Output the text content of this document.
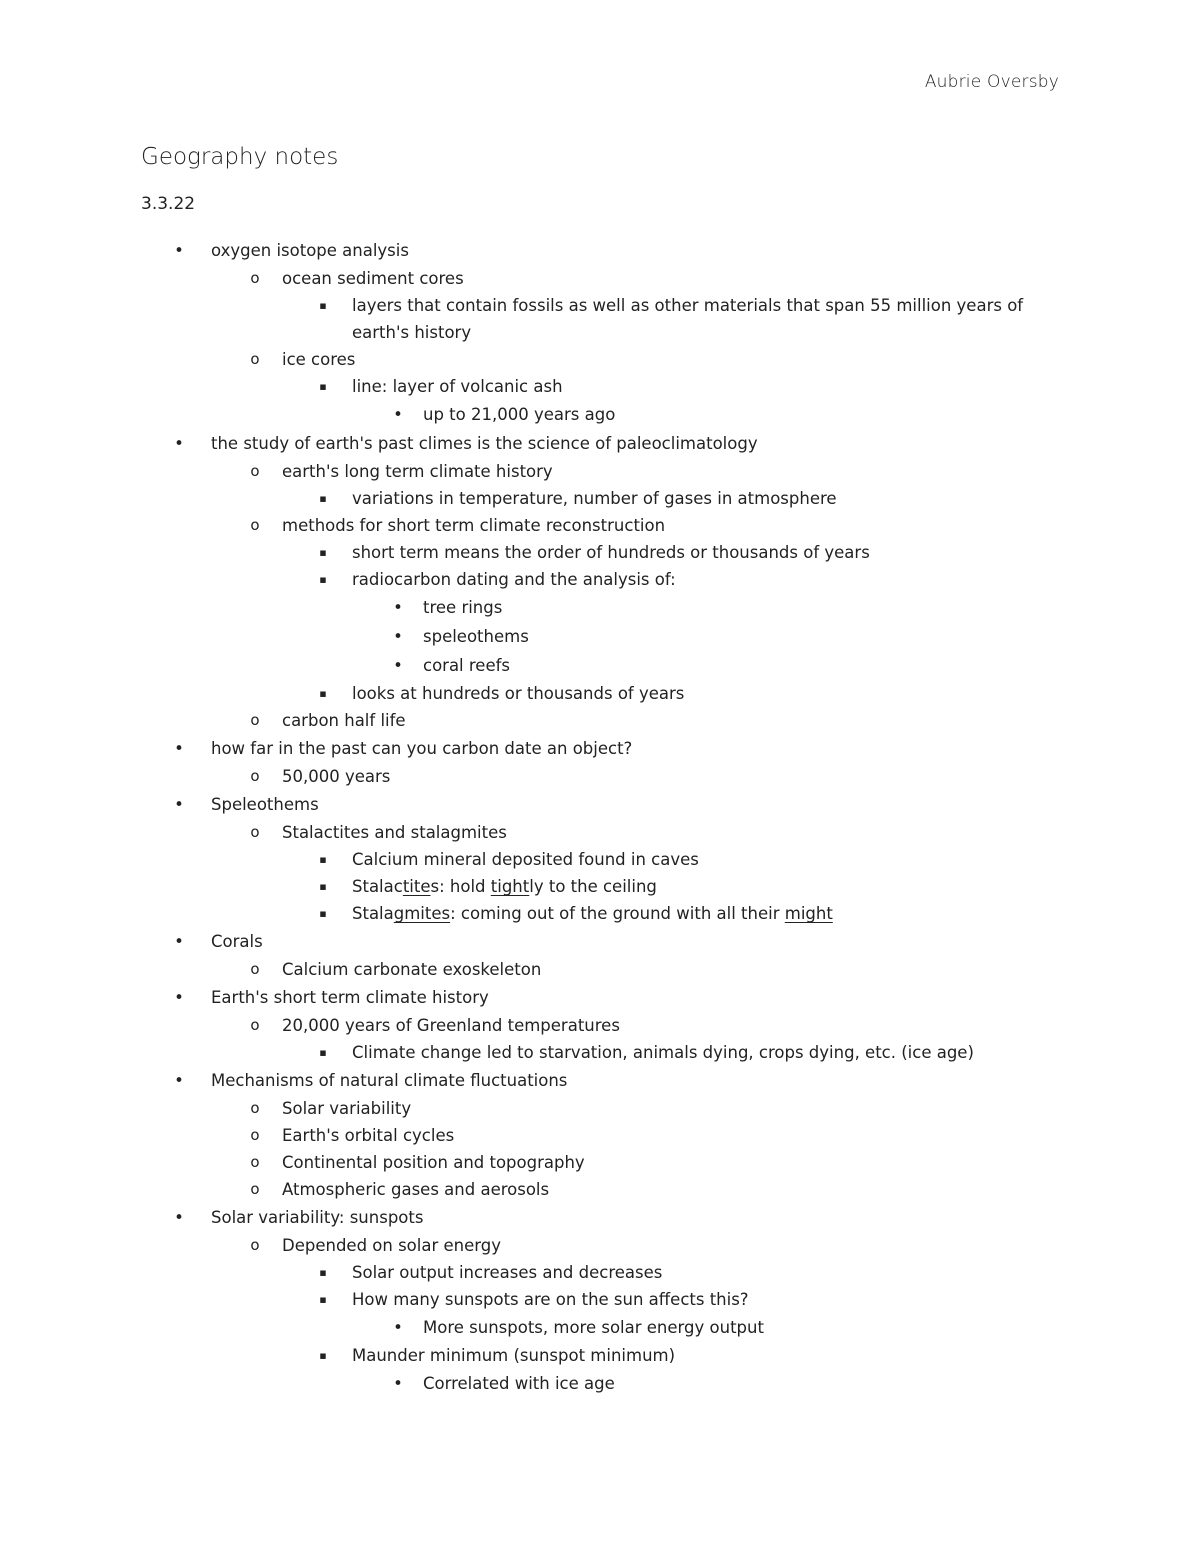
Aubrie Oversby
Geography notes
3.3.22
• oxygen isotope analysis
o ocean sediment cores
▪ layers that contain fossils as well as other materials that span 55 million years of earth's history
o ice cores
▪ line: layer of volcanic ash
• up to 21,000 years ago
• the study of earth's past climes is the science of paleoclimatology
o earth's long term climate history
▪ variations in temperature, number of gases in atmosphere
o methods for short term climate reconstruction
▪ short term means the order of hundreds or thousands of years
▪ radiocarbon dating and the analysis of:
• tree rings
• speleothems
• coral reefs
▪ looks at hundreds or thousands of years
o carbon half life
• how far in the past can you carbon date an object?
o 50,000 years
• Speleothems
o Stalactites and stalagmites
▪ Calcium mineral deposited found in caves
▪ Stalactites: hold tightly to the ceiling
▪ Stalagmites: coming out of the ground with all their might
• Corals
o Calcium carbonate exoskeleton
• Earth's short term climate history
o 20,000 years of Greenland temperatures
▪ Climate change led to starvation, animals dying, crops dying, etc. (ice age)
• Mechanisms of natural climate fluctuations
o Solar variability
o Earth's orbital cycles
o Continental position and topography
o Atmospheric gases and aerosols
• Solar variability: sunspots
o Depended on solar energy
▪ Solar output increases and decreases
▪ How many sunspots are on the sun affects this?
• More sunspots, more solar energy output
▪ Maunder minimum (sunspot minimum)
• Correlated with ice age
